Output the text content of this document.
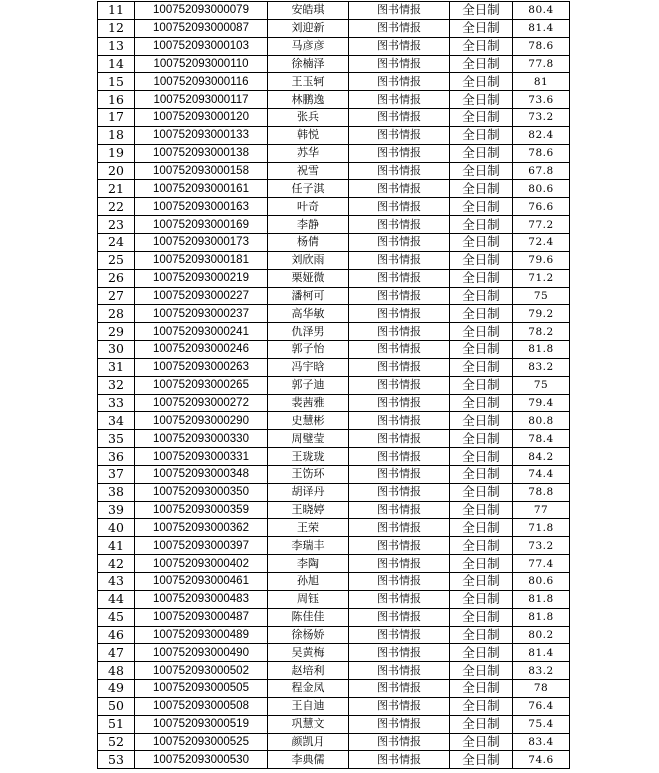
11	100752093000079	安皓琪	图书情报	全日制	80.4
12	100752093000087	刘迎新	图书情报	全日制	81.4
13	100752093000103	马彦彦	图书情报	全日制	78.6
14	100752093000110	徐楠泽	图书情报	全日制	77.8
15	100752093000116	王玉轲	图书情报	全日制	81
16	100752093000117	林鹏逸	图书情报	全日制	73.6
17	100752093000120	张兵	图书情报	全日制	73.2
18	100752093000133	韩悦	图书情报	全日制	82.4
19	100752093000138	苏华	图书情报	全日制	78.6
20	100752093000158	祝雪	图书情报	全日制	67.8
21	100752093000161	任子淇	图书情报	全日制	80.6
22	100752093000163	叶奇	图书情报	全日制	76.6
23	100752093000169	李静	图书情报	全日制	77.2
24	100752093000173	杨倩	图书情报	全日制	72.4
25	100752093000181	刘欣雨	图书情报	全日制	79.6
26	100752093000219	栗娅微	图书情报	全日制	71.2
27	100752093000227	潘柯可	图书情报	全日制	75
28	100752093000237	高华敏	图书情报	全日制	79.2
29	100752093000241	仇泽男	图书情报	全日制	78.2
30	100752093000246	郭子怡	图书情报	全日制	81.8
31	100752093000263	冯宇晗	图书情报	全日制	83.2
32	100752093000265	郭子迪	图书情报	全日制	75
33	100752093000272	裴茜雅	图书情报	全日制	79.4
34	100752093000290	史慧彬	图书情报	全日制	80.8
35	100752093000330	周璧莹	图书情报	全日制	78.4
36	100752093000331	王珑珑	图书情报	全日制	84.2
37	100752093000348	王饬环	图书情报	全日制	74.4
38	100752093000350	胡译丹	图书情报	全日制	78.8
39	100752093000359	王晓婷	图书情报	全日制	77
40	100752093000362	王荣	图书情报	全日制	71.8
41	100752093000397	李瑞丰	图书情报	全日制	73.2
42	100752093000402	李陶	图书情报	全日制	77.4
43	100752093000461	孙旭	图书情报	全日制	80.6
44	100752093000483	周钰	图书情报	全日制	81.8
45	100752093000487	陈佳佳	图书情报	全日制	81.8
46	100752093000489	徐杨娇	图书情报	全日制	80.2
47	100752093000490	吴黄梅	图书情报	全日制	81.4
48	100752093000502	赵培利	图书情报	全日制	83.2
49	100752093000505	程金凤	图书情报	全日制	78
50	100752093000508	王自迪	图书情报	全日制	76.4
51	100752093000519	巩慧文	图书情报	全日制	75.4
52	100752093000525	颜凯月	图书情报	全日制	83.4
53	100752093000530	李典儒	图书情报	全日制	74.6
